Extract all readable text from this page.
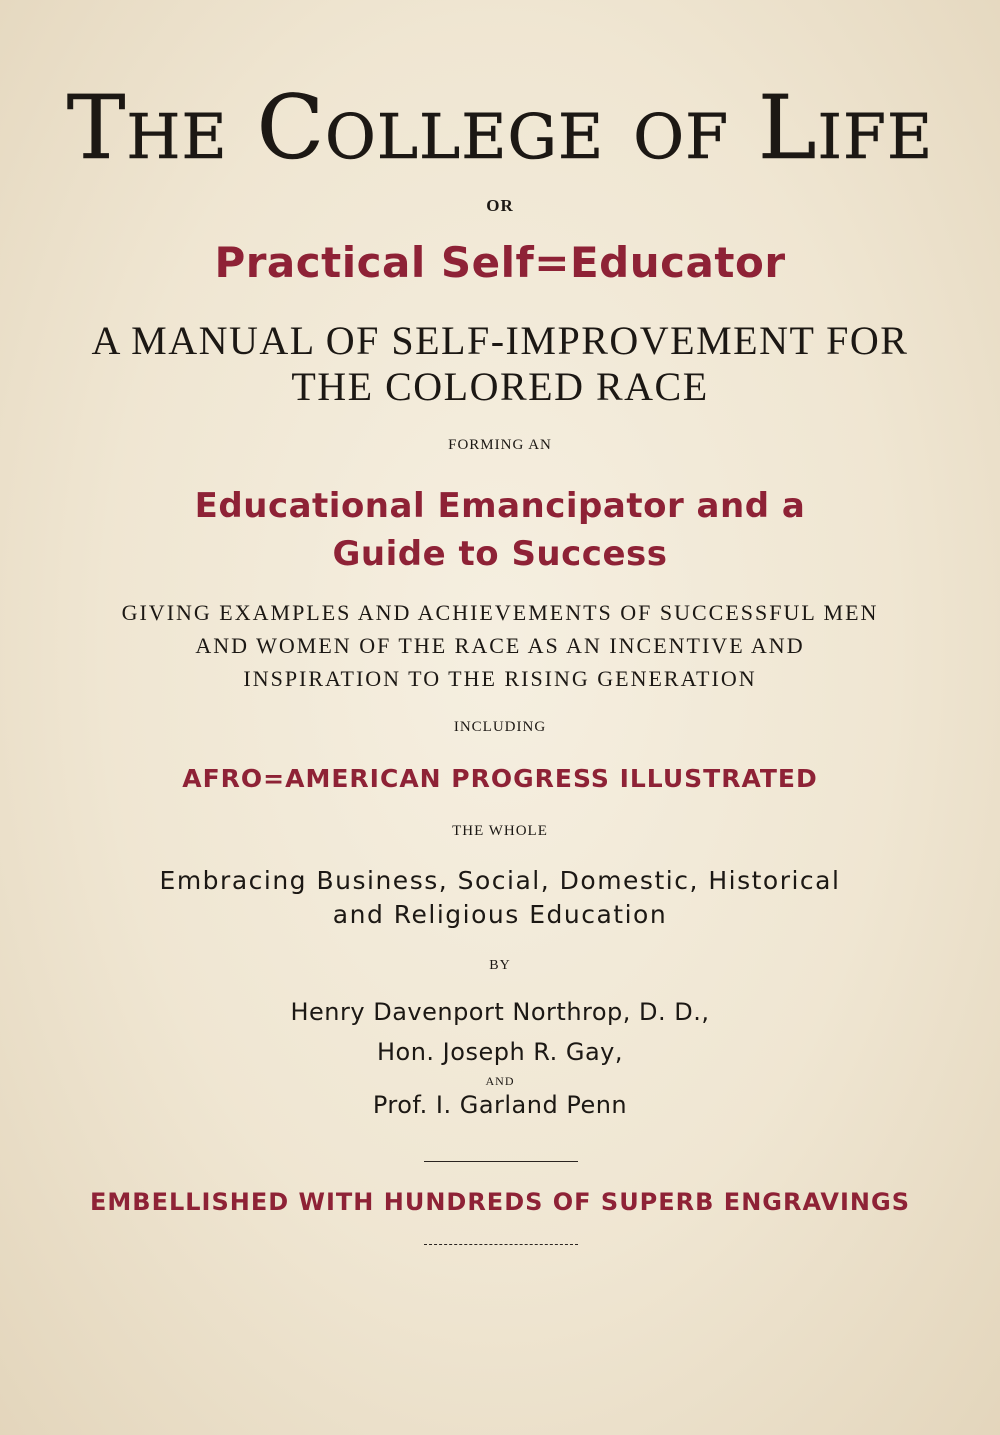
The College of Life

OR

Practical Self=Educator

A MANUAL OF SELF-IMPROVEMENT FOR
THE COLORED RACE

FORMING AN

Educational Emancipator and a
Guide to Success
GIVING EXAMPLES AND ACHIEVEMENTS OF SUCCESSFUL MEN
AND WOMEN OF THE RACE AS AN INCENTIVE AND
INSPIRATION TO THE RISING GENERATION

INCLUDING

AFRO=AMERICAN PROGRESS ILLUSTRATED

THE WHOLE

Embracing Business, Social, Domestic, Historical
and Religious Education

BY

Henry Davenport Northrop, D. D.,

Hon. Joseph R. Gay,

AND

Prof. I. Garland Penn

EMBELLISHED WITH HUNDREDS OF SUPERB ENGRAVINGS
